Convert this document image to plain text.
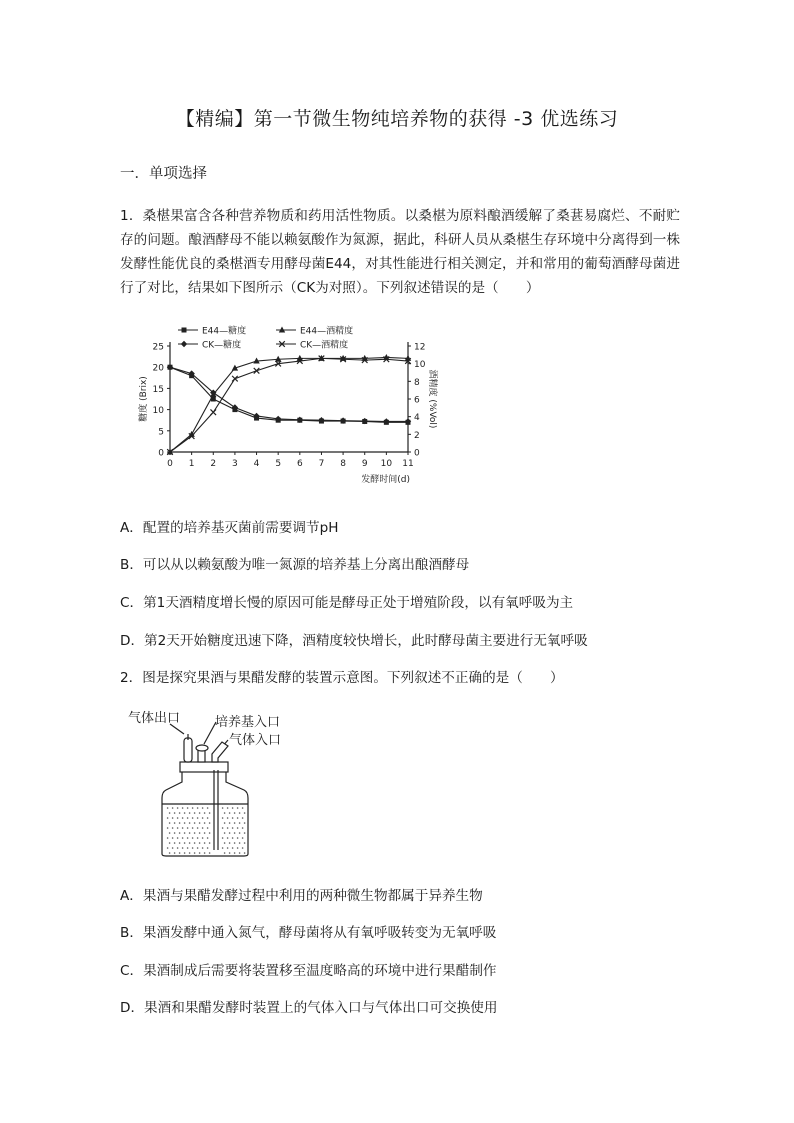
【精编】第一节微生物纯培养物的获得 -3 优选练习
一．单项选择
1．桑椹果富含各种营养物质和药用活性物质。以桑椹为原料酿酒缓解了桑葚易腐烂、不耐贮存的问题。酿酒酵母不能以赖氨酸作为氮源，据此，科研人员从桑椹生存环境中分离得到一株发酵性能优良的桑椹酒专用酵母菌E44，对其性能进行相关测定，并和常用的葡萄酒酵母菌进行了对比，结果如下图所示（CK为对照）。下列叙述错误的是（　　）
0
5
10
15
20
25
0
2
4
6
8
10
12
0 1 2 3 4 5 6 7 8 9 10 11
发酵时间(d)
糖度 (Brix)	酒精度 (%Vol)
E44—糖度	E44—酒精度
CK—糖度	CK—酒精度
A．配置的培养基灭菌前需要调节pH
B．可以从以赖氨酸为唯一氮源的培养基上分离出酿酒酵母
C．第1天酒精度增长慢的原因可能是酵母正处于增殖阶段，以有氧呼吸为主
D．第2天开始糖度迅速下降，酒精度较快增长，此时酵母菌主要进行无氧呼吸
2．图是探究果酒与果醋发酵的装置示意图。下列叙述不正确的是（　　）
气体出口	培养基入口
气体入口
A．果酒与果醋发酵过程中利用的两种微生物都属于异养生物
B．果酒发酵中通入氮气，酵母菌将从有氧呼吸转变为无氧呼吸
C．果酒制成后需要将装置移至温度略高的环境中进行果醋制作
D．果酒和果醋发酵时装置上的气体入口与气体出口可交换使用
